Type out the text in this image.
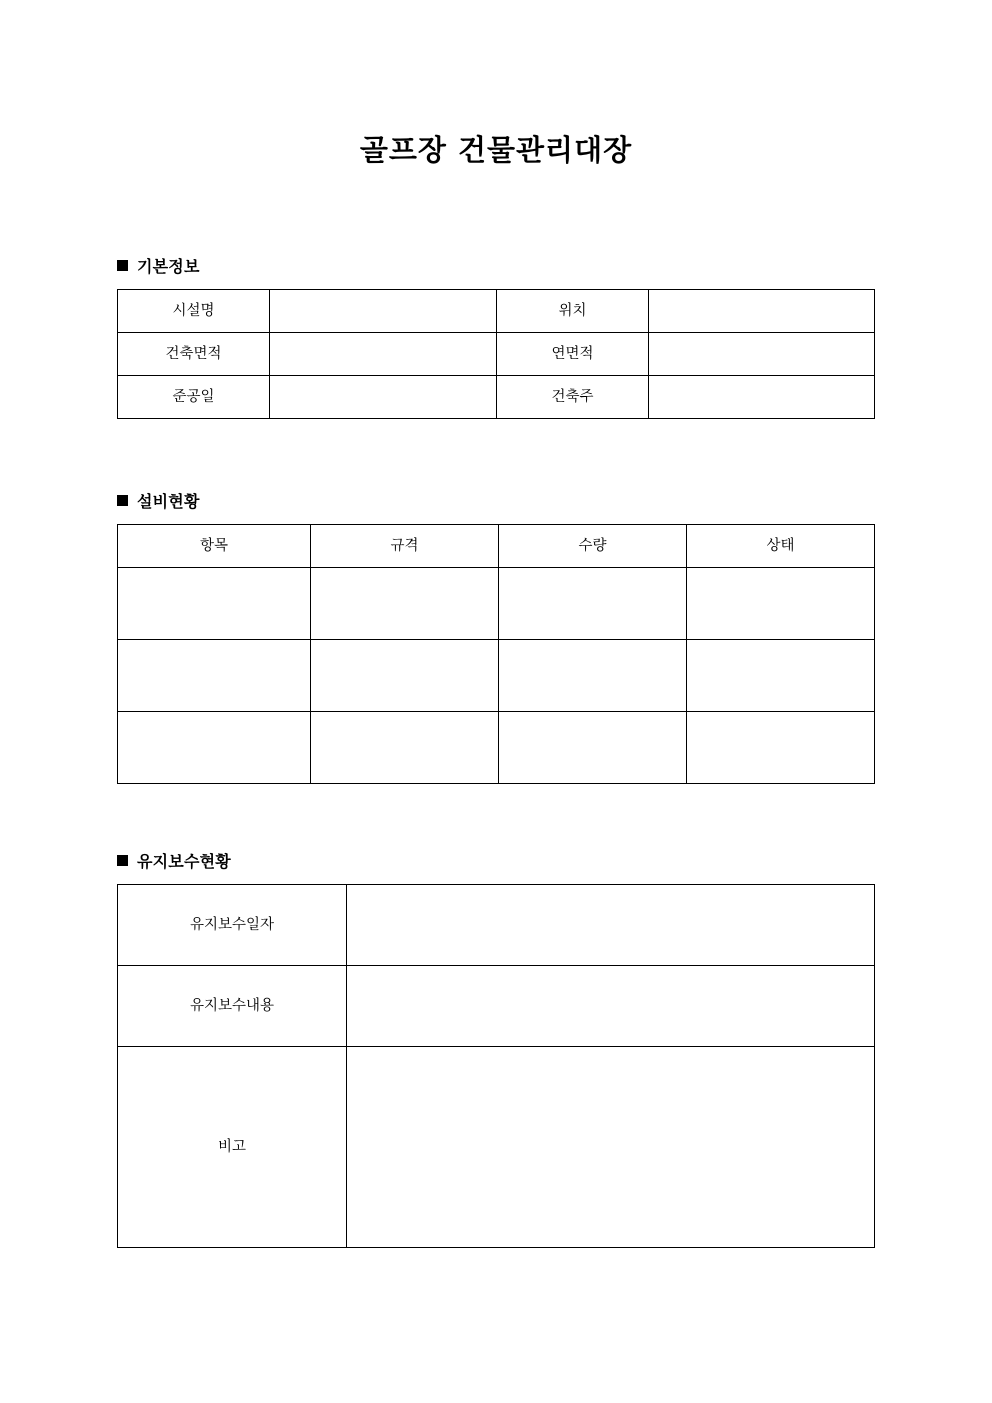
골프장 건물관리대장
기본정보
시설명		위치	
건축면적		연면적	
준공일		건축주	
설비현황
항목	규격	수량	상태

유지보수현황
유지보수일자	
유지보수내용	
비고	
